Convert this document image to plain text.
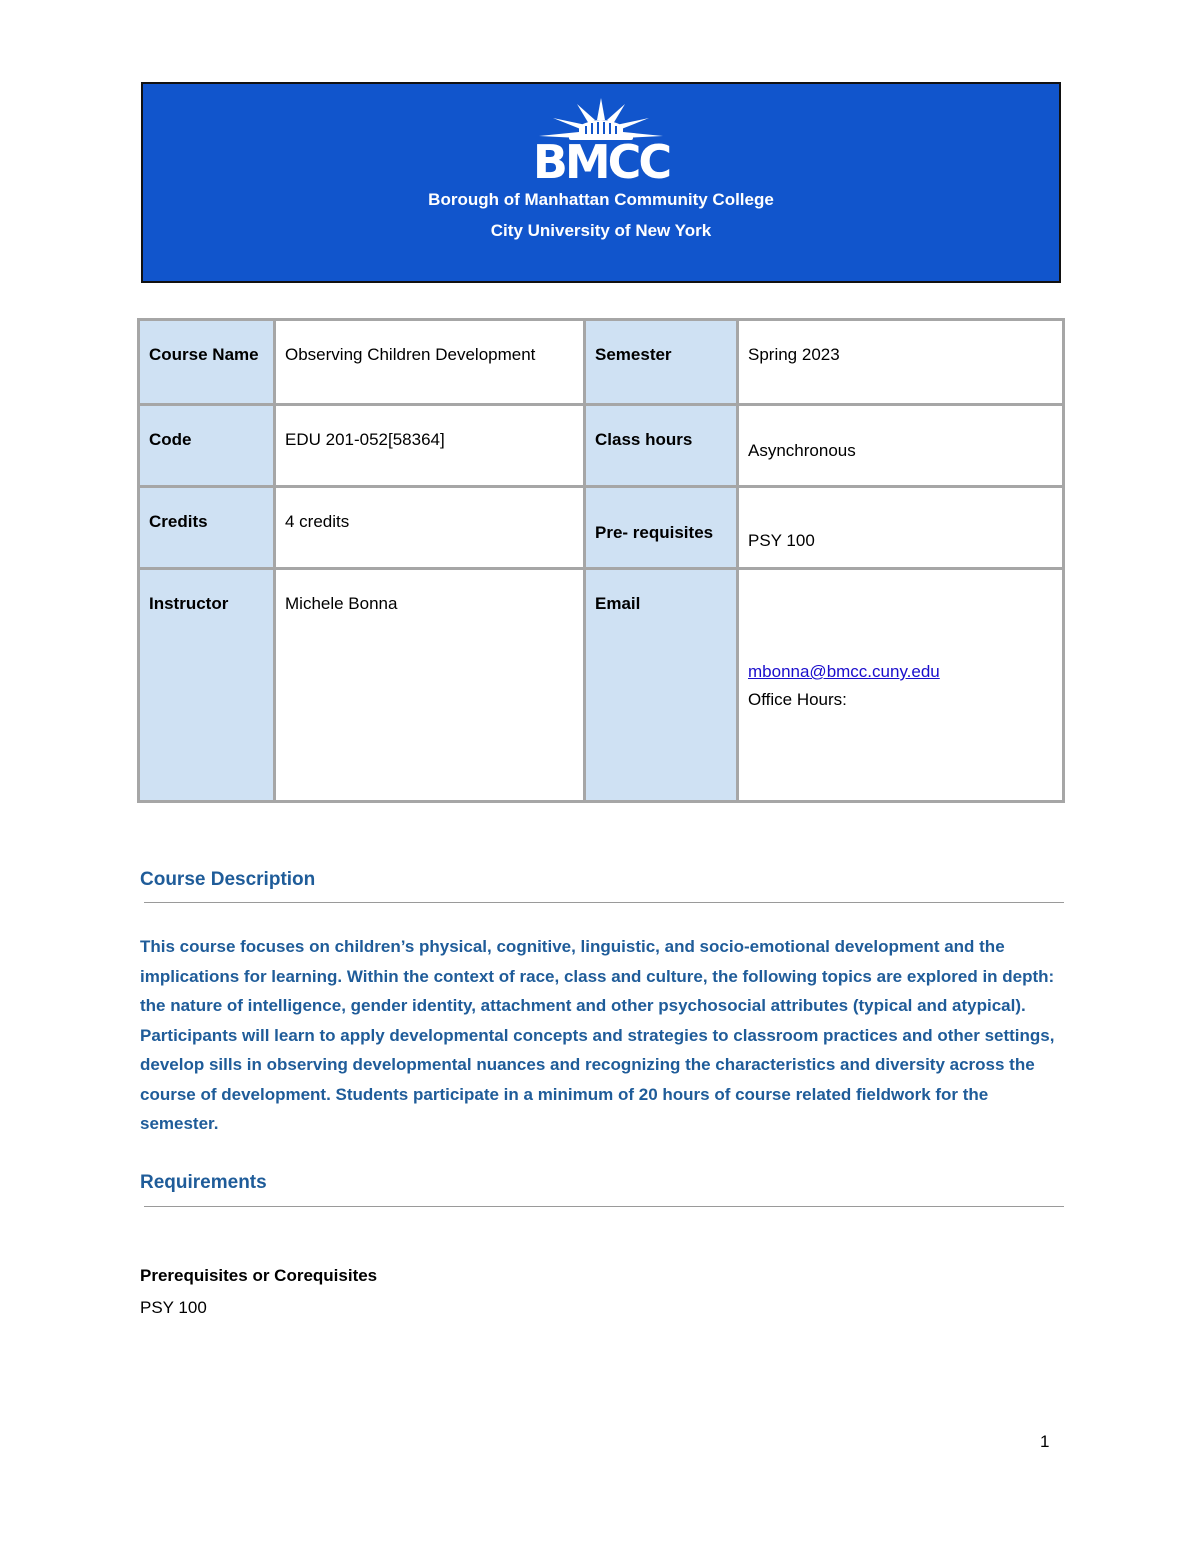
BMCC
Borough of Manhattan Community College
City University of New York
Course Name	Observing Children Development	Semester	Spring 2023
Code	EDU 201-052[58364]	Class hours	Asynchronous

Credits	4 credits	Pre- requisites	PSY 100

Instructor	Michele Bonna	Email	mbonna@bmcc.cuny.edu
Office Hours:
Course Description
This course focuses on children’s physical, cognitive, linguistic, and socio-emotional development and the implications for learning. Within the context of race, class and culture, the following topics are explored in depth: the nature of intelligence, gender identity, attachment and other psychosocial attributes (typical and atypical). Participants will learn to apply developmental concepts and strategies to classroom practices and other settings, develop sills in observing developmental nuances and recognizing the characteristics and diversity across the course of development. Students participate in a minimum of 20 hours of course related fieldwork for the semester.
Requirements
Prerequisites or Corequisites
PSY 100
1
